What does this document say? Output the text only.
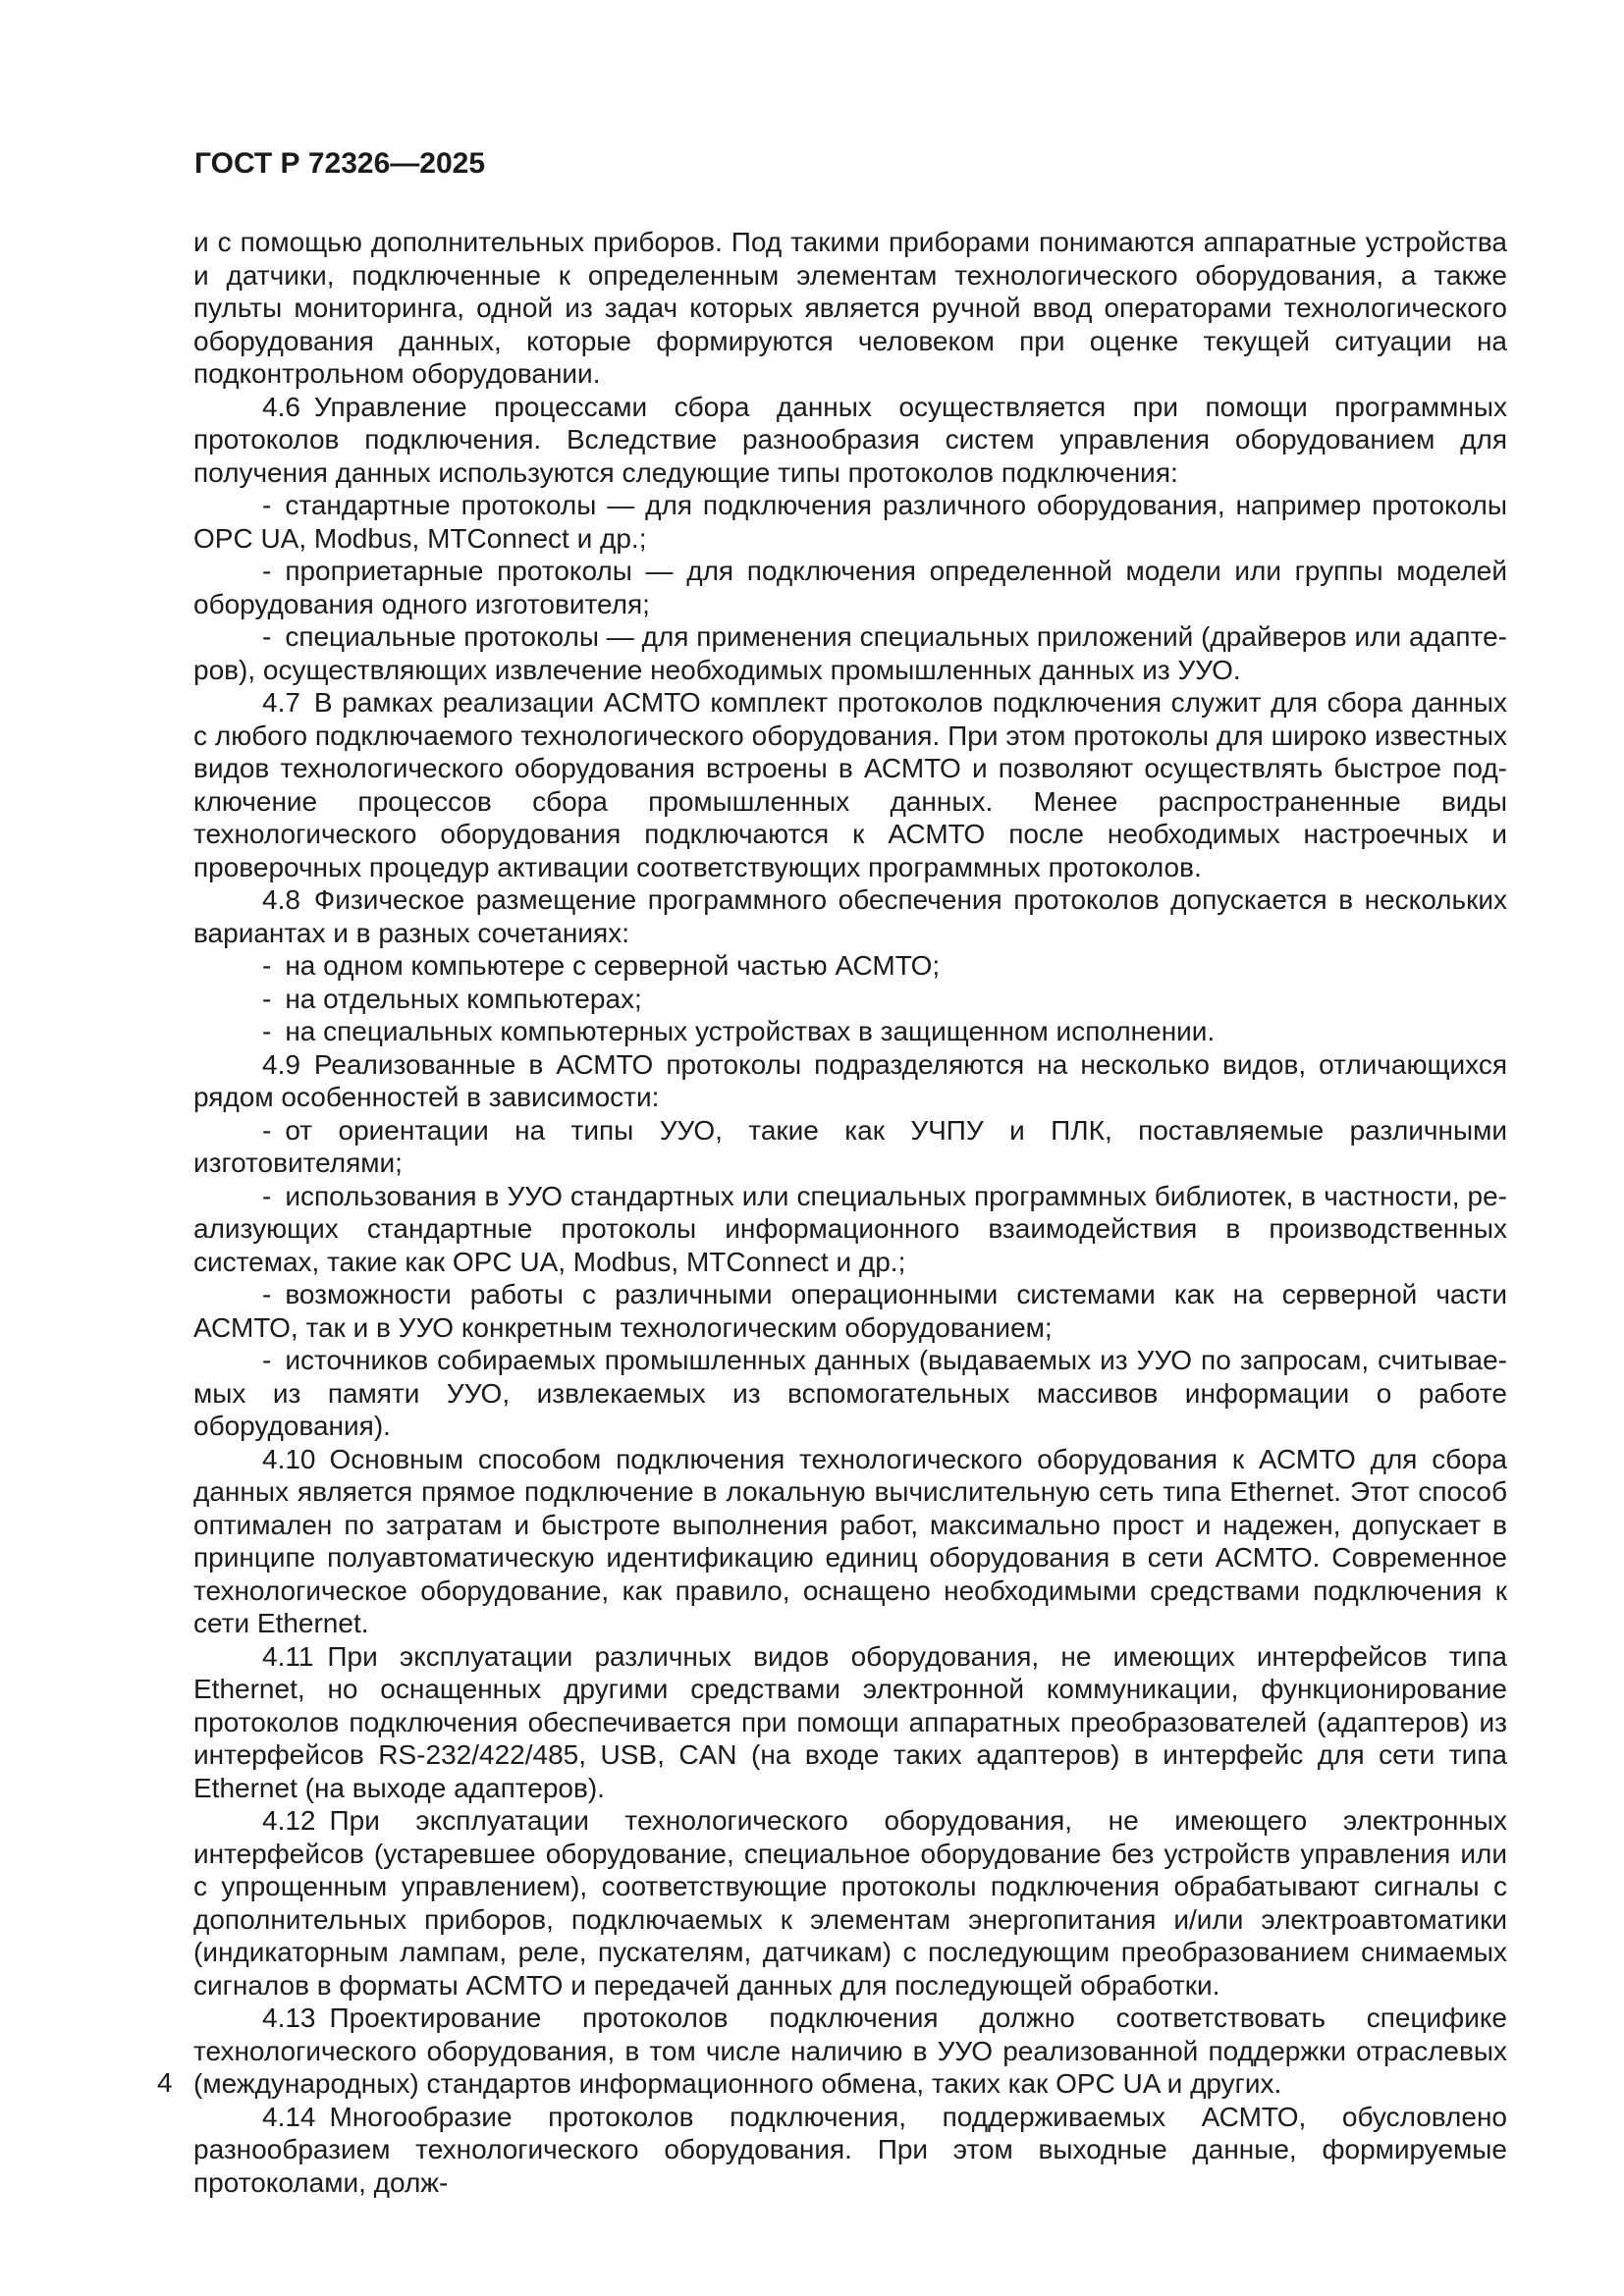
ГОСТ Р 72326—2025

и с помощью дополнительных приборов. Под такими приборами понимаются аппаратные устройства и датчики, подключенные к определенным элементам технологического оборудования, а также пульты мониторинга, одной из задач которых является ручной ввод операторами технологического оборудования данных, которые формируются человеком при оценке текущей ситуации на подконтрольном оборудовании.

4.6 Управление процессами сбора данных осуществляется при помощи программных протоколов подключения. Вследствие разнообразия систем управления оборудованием для получения данных используются следующие типы протоколов подключения:

- стандартные протоколы — для подключения различного оборудования, например протоколы OPC UA, Modbus, MTConnect и др.;

- проприетарные протоколы — для подключения определенной модели или группы моделей оборудования одного изготовителя;

- специальные протоколы — для применения специальных приложений (драйверов или адаптеров), осуществляющих извлечение необходимых промышленных данных из УУО.

4.7 В рамках реализации АСМТО комплект протоколов подключения служит для сбора данных с любого подключаемого технологического оборудования. При этом протоколы для широко известных видов технологического оборудования встроены в АСМТО и позволяют осуществлять быстрое подключение процессов сбора промышленных данных. Менее распространенные виды технологического оборудования подключаются к АСМТО после необходимых настроечных и проверочных процедур активации соответствующих программных протоколов.

4.8 Физическое размещение программного обеспечения протоколов допускается в нескольких вариантах и в разных сочетаниях:

- на одном компьютере с серверной частью АСМТО;

- на отдельных компьютерах;

- на специальных компьютерных устройствах в защищенном исполнении.

4.9 Реализованные в АСМТО протоколы подразделяются на несколько видов, отличающихся рядом особенностей в зависимости:

- от ориентации на типы УУО, такие как УЧПУ и ПЛК, поставляемые различными изготовителями;

- использования в УУО стандартных или специальных программных библиотек, в частности, реализующих стандартные протоколы информационного взаимодействия в производственных системах, такие как OPC UA, Modbus, MTConnect и др.;

- возможности работы с различными операционными системами как на серверной части АСМТО, так и в УУО конкретным технологическим оборудованием;

- источников собираемых промышленных данных (выдаваемых из УУО по запросам, считываемых из памяти УУО, извлекаемых из вспомогательных массивов информации о работе оборудования).

4.10 Основным способом подключения технологического оборудования к АСМТО для сбора данных является прямое подключение в локальную вычислительную сеть типа Ethernet. Этот способ оптимален по затратам и быстроте выполнения работ, максимально прост и надежен, допускает в принципе полуавтоматическую идентификацию единиц оборудования в сети АСМТО. Современное технологическое оборудование, как правило, оснащено необходимыми средствами подключения к сети Ethernet.

4.11 При эксплуатации различных видов оборудования, не имеющих интерфейсов типа Ethernet, но оснащенных другими средствами электронной коммуникации, функционирование протоколов подключения обеспечивается при помощи аппаратных преобразователей (адаптеров) из интерфейсов RS-232/422/485, USB, CAN (на входе таких адаптеров) в интерфейс для сети типа Ethernet (на выходе адаптеров).

4.12 При эксплуатации технологического оборудования, не имеющего электронных интерфейсов (устаревшее оборудование, специальное оборудование без устройств управления или с упрощенным управлением), соответствующие протоколы подключения обрабатывают сигналы с дополнительных приборов, подключаемых к элементам энергопитания и/или электроавтоматики (индикаторным лампам, реле, пускателям, датчикам) с последующим преобразованием снимаемых сигналов в форматы АСМТО и передачей данных для последующей обработки.

4.13 Проектирование протоколов подключения должно соответствовать специфике технологического оборудования, в том числе наличию в УУО реализованной поддержки отраслевых (международных) стандартов информационного обмена, таких как OPC UA и других.

4.14 Многообразие протоколов подключения, поддерживаемых АСМТО, обусловлено разнообразием технологического оборудования. При этом выходные данные, формируемые протоколами, долж-

4
